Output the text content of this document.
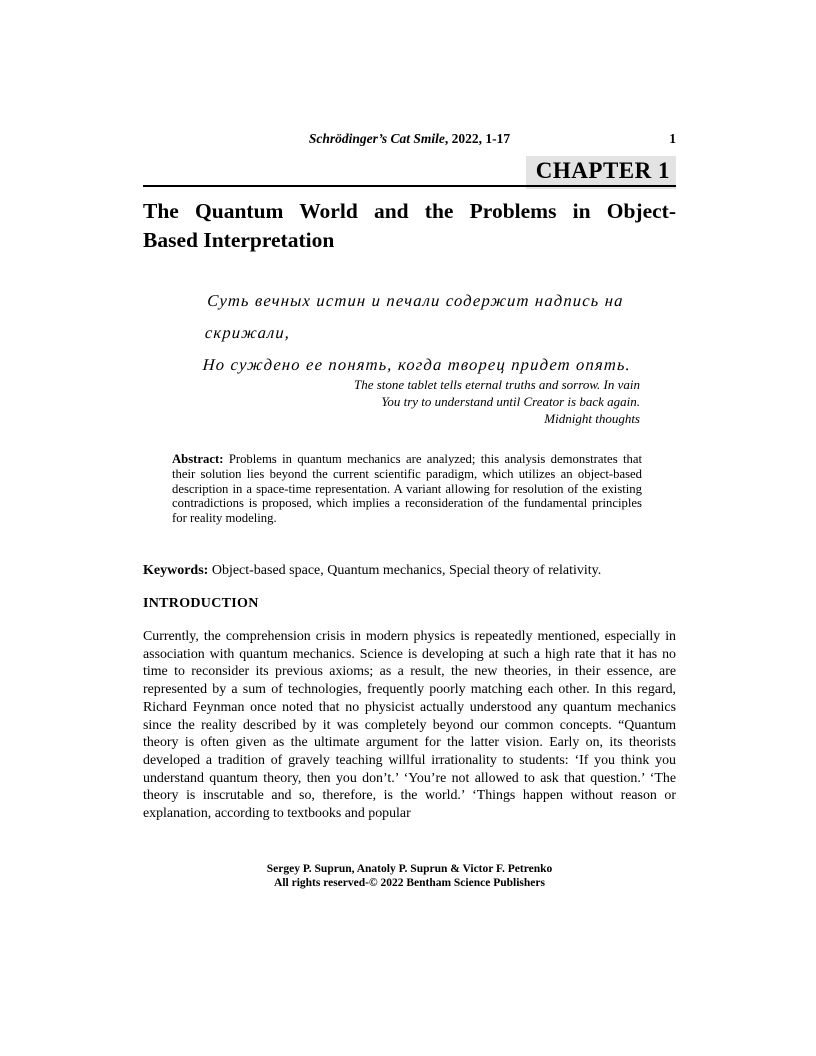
Schrödinger’s Cat Smile, 2022, 1-17	1
CHAPTER 1
The Quantum World and the Problems in Object-
Based Interpretation
Суть вечных истин и печали содержит надпись на скрижали,
Но суждено ее понять, когда творец придет опять.
The stone tablet tells eternal truths and sorrow. In vain
You try to understand until Creator is back again.
Midnight thoughts
Abstract: Problems in quantum mechanics are analyzed; this analysis demonstrates that their solution lies beyond the current scientific paradigm, which utilizes an object-based description in a space-time representation. A variant allowing for resolution of the existing contradictions is proposed, which implies a reconsideration of the fundamental principles for reality modeling.
Keywords: Object-based space, Quantum mechanics, Special theory of relativity.
INTRODUCTION
Currently, the comprehension crisis in modern physics is repeatedly mentioned, especially in association with quantum mechanics. Science is developing at such a high rate that it has no time to reconsider its previous axioms; as a result, the new theories, in their essence, are represented by a sum of technologies, frequently poorly matching each other. In this regard, Richard Feynman once noted that no physicist actually understood any quantum mechanics since the reality described by it was completely beyond our common concepts. “Quantum theory is often given as the ultimate argument for the latter vision. Early on, its theorists developed a tradition of gravely teaching willful irrationality to students: ‘If you think you understand quantum theory, then you don’t.’ ‘You’re not allowed to ask that question.’ ‘The theory is inscrutable and so, therefore, is the world.’ ‘Things happen without reason or explanation, according to textbooks and popular
Sergey P. Suprun, Anatoly P. Suprun & Victor F. Petrenko
All rights reserved-© 2022 Bentham Science Publishers
